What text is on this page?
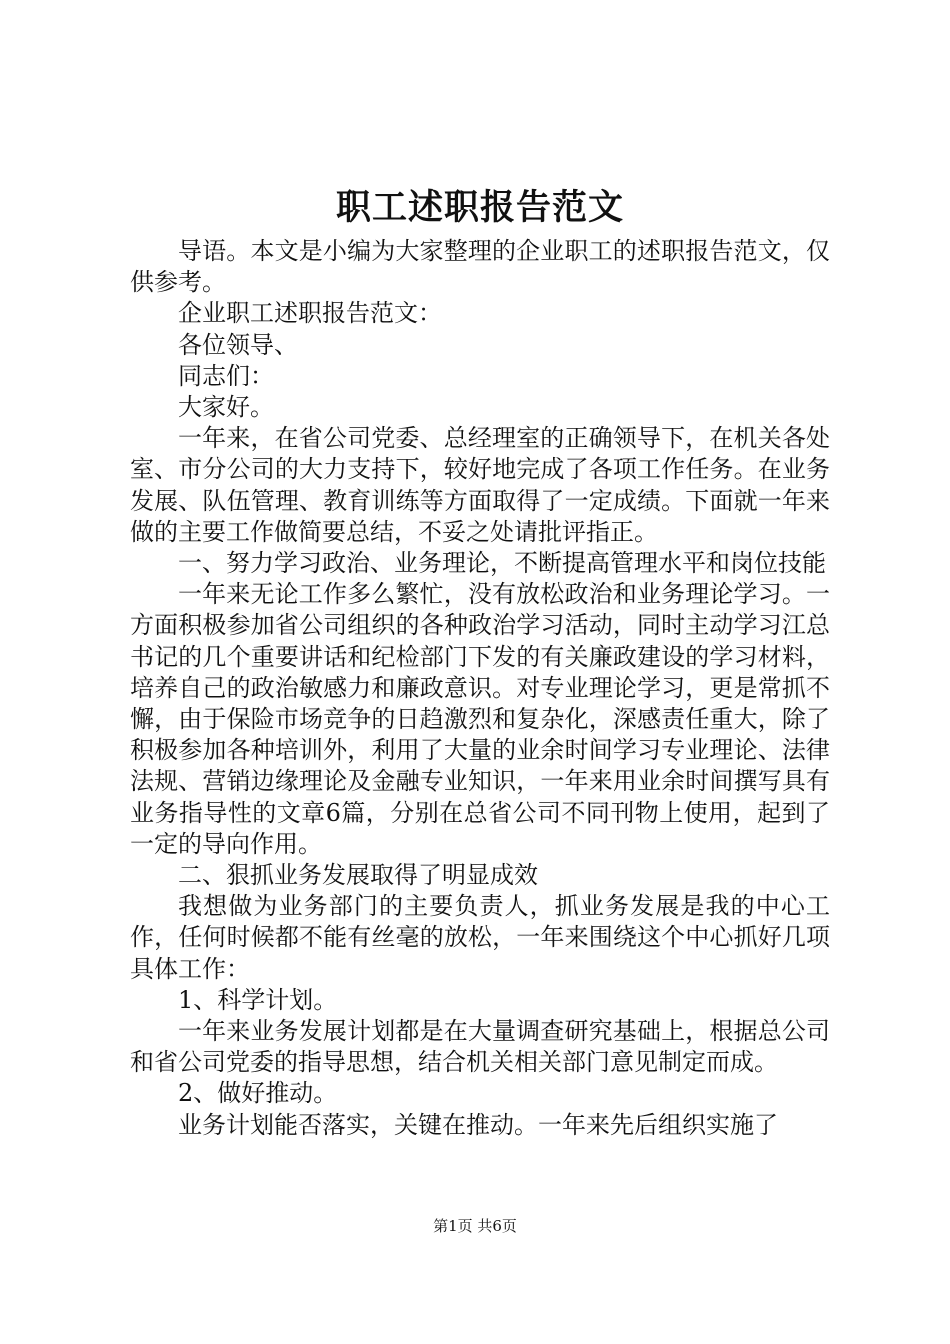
职工述职报告范文

导语。本文是小编为大家整理的企业职工的述职报告范文，仅供参考。

企业职工述职报告范文：

各位领导、

同志们：

大家好。

一年来，在省公司党委、总经理室的正确领导下，在机关各处室、市分公司的大力支持下，较好地完成了各项工作任务。在业务发展、队伍管理、教育训练等方面取得了一定成绩。下面就一年来做的主要工作做简要总结，不妥之处请批评指正。

一、努力学习政治、业务理论，不断提高管理水平和岗位技能

一年来无论工作多么繁忙，没有放松政治和业务理论学习。一方面积极参加省公司组织的各种政治学习活动，同时主动学习江总书记的几个重要讲话和纪检部门下发的有关廉政建设的学习材料，培养自己的政治敏感力和廉政意识。对专业理论学习，更是常抓不懈，由于保险市场竞争的日趋激烈和复杂化，深感责任重大，除了积极参加各种培训外，利用了大量的业余时间学习专业理论、法律法规、营销边缘理论及金融专业知识，一年来用业余时间撰写具有业务指导性的文章6篇，分别在总省公司不同刊物上使用，起到了一定的导向作用。

二、狠抓业务发展取得了明显成效

我想做为业务部门的主要负责人，抓业务发展是我的中心工作，任何时候都不能有丝毫的放松，一年来围绕这个中心抓好几项具体工作：

1、科学计划。

一年来业务发展计划都是在大量调查研究基础上，根据总公司和省公司党委的指导思想，结合机关相关部门意见制定而成。

2、做好推动。

业务计划能否落实，关键在推动。一年来先后组织实施了

第1页 共6页
